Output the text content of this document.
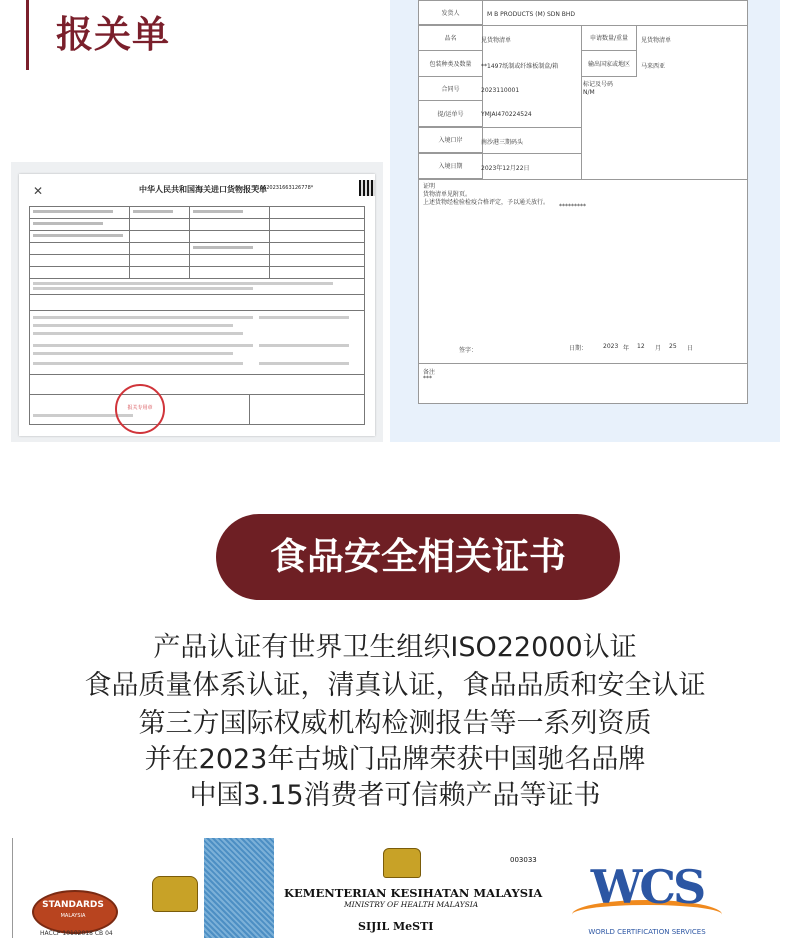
报关单
✕	中华人民共和国海关进口货物报关单
*516620231663126778*
报关专用章
发货人	M B PRODUCTS (M) SDN BHD
品名	见货物清单	申请数量/重量	见货物清单
包装种类及数量	**1497纸制或纤维板制盒/箱	输出国家或地区	马来西亚
合同号	2023110001
标记及号码
N/M
提/运单号	YMJAI470224524
入境口岸	南沙港三期码头
入境日期	2023年12月22日
证明
货物清单见附页。
上述货物经检验检疫合格评定，予以通关放行。
*********
签字：	日期：	2023 年 12 月 25 日
备注
***
食品安全相关证书
产品认证有世界卫生组织ISO22000认证
食品质量体系认证，清真认证，食品品质和安全认证
第三方国际权威机构检测报告等一系列资质
并在2023年古城门品牌荣获中国驰名品牌
中国3.15消费者可信赖产品等证书
STANDARDS
MALAYSIA
HACCP 10102018 CB 04
KEMENTERIAN KESIHATAN MALAYSIA
MINISTRY OF HEALTH MALAYSIA
SIJIL MeSTI
003033	WCS
WORLD CERTIFICATION SERVICES
